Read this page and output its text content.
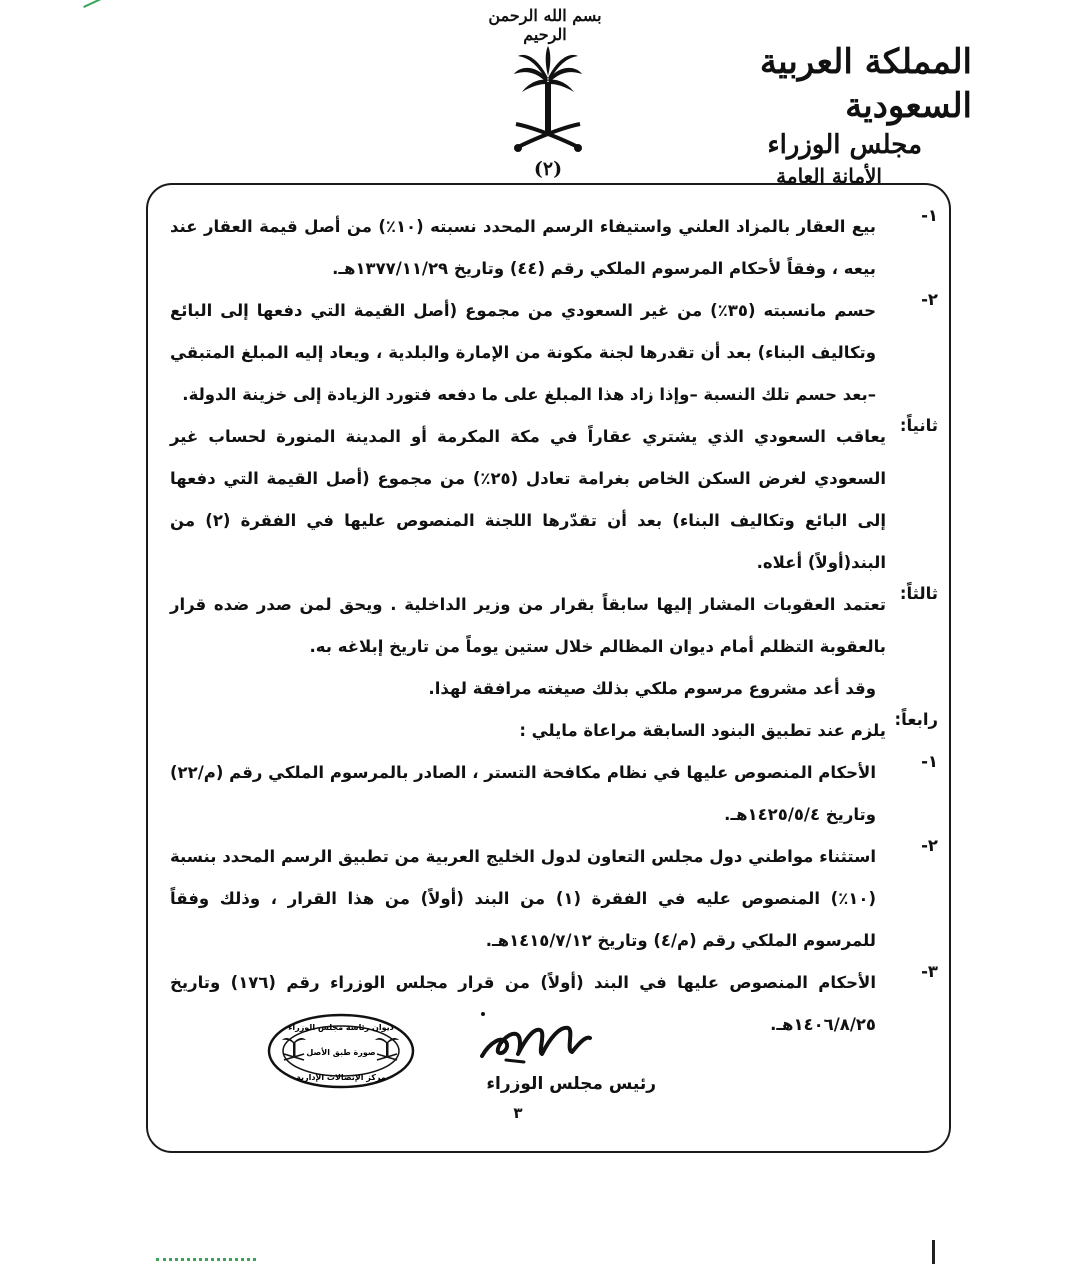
بسم الله الرحمن الرحيم
(٢)
المملكة العربية السعودية
مجلس الوزراء
الأمانة العامة
١-
بيع العقار بالمزاد العلني واستيفاء الرسم المحدد نسبته (١٠٪) من أصل قيمة العقار عند بيعه ، وفقاً لأحكام المرسوم الملكي رقم (٤٤) وتاريخ ١٣٧٧/١١/٢٩هـ.
٢-
حسم مانسبته (٣٥٪) من غير السعودي من مجموع (أصل القيمة التي دفعها إلى البائع وتكاليف البناء) بعد أن تقدرها لجنة مكونة من الإمارة والبلدية ، ويعاد إليه المبلغ المتبقي –بعد حسم تلك النسبة –وإذا زاد هذا المبلغ على ما دفعه فتورد الزيادة إلى خزينة الدولة.
ثانياً:
يعاقب السعودي الذي يشتري عقاراً في مكة المكرمة أو المدينة المنورة لحساب غير السعودي لغرض السكن الخاص بغرامة تعادل (٢٥٪) من مجموع (أصل القيمة التي دفعها إلى البائع وتكاليف البناء) بعد أن تقدّرها اللجنة المنصوص عليها في الفقرة (٢) من البند(أولاً) أعلاه.
ثالثاً:
تعتمد العقوبات المشار إليها سابقاً بقرار من وزير الداخلية . ويحق لمن صدر ضده قرار بالعقوبة التظلم أمام ديوان المظالم خلال ستين يوماً من تاريخ إبلاغه به.
وقد أعد مشروع مرسوم ملكي بذلك صيغته مرافقة لهذا.
رابعاً:
يلزم عند تطبيق البنود السابقة مراعاة مايلي :
١-
الأحكام المنصوص عليها في نظام مكافحة التستر ، الصادر بالمرسوم الملكي رقم (م/٢٢) وتاريخ ١٤٢٥/٥/٤هـ.
٢-
استثناء مواطني دول مجلس التعاون لدول الخليج العربية من تطبيق الرسم المحدد بنسبة (١٠٪) المنصوص عليه في الفقرة (١) من البند (أولاً) من هذا القرار ، وذلك وفقاً للمرسوم الملكي رقم (م/٤) وتاريخ ١٤١٥/٧/١٢هـ.
٣-
الأحكام المنصوص عليها في البند (أولاً) من قرار مجلس الوزراء رقم (١٧٦) وتاريخ ١٤٠٦/٨/٢٥هـ.
ديوان رئاسة مجلس الوزراء
صورة طبق الأصل
مركز الإتصالات الإدارية	رئيس مجلس الوزراء
٣
